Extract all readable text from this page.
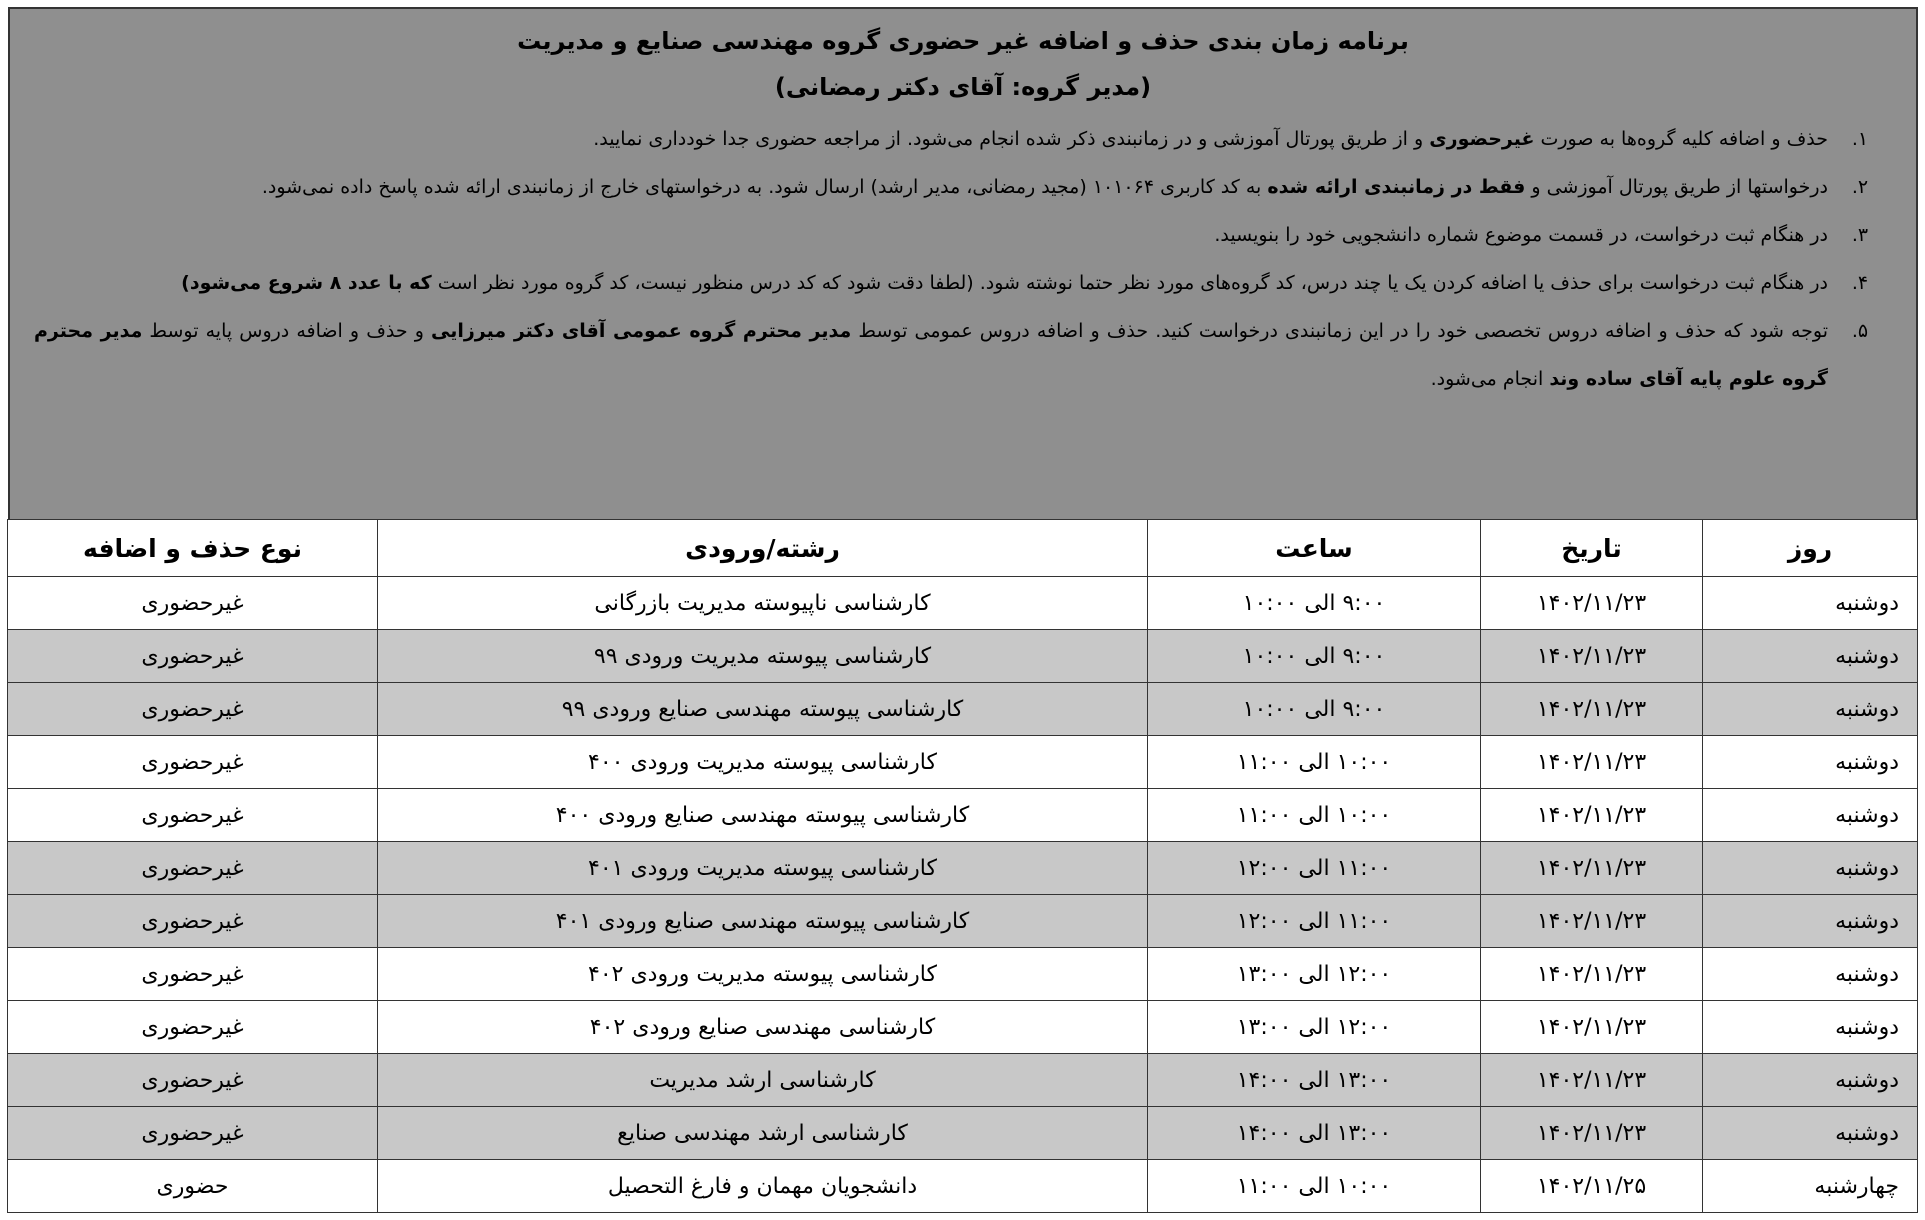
برنامه زمان بندی حذف و اضافه غیر حضوری گروه مهندسی صنایع و مدیریت

(مدیر گروه: آقای دکتر رمضانی)

۱.
حذف و اضافه کلیه گروه‌ها به صورت غیرحضوری و از طریق پورتال آموزشی و در زمانبندی ذکر شده انجام می‌شود. از مراجعه حضوری جدا خودداری نمایید.
۲.
درخواستها از طریق پورتال آموزشی و فقط در زمانبندی ارائه شده به کد کاربری ۱۰۱۰۶۴ (مجید رمضانی، مدیر ارشد) ارسال شود. به درخواستهای خارج از زمانبندی ارائه شده پاسخ داده نمی‌شود.
۳.
در هنگام ثبت درخواست، در قسمت موضوع شماره دانشجویی خود را بنویسید.
۴.
در هنگام ثبت درخواست برای حذف یا اضافه کردن یک یا چند درس، کد گروه‌های مورد نظر حتما نوشته شود. (لطفا دقت شود که کد درس منظور نیست، کد گروه مورد نظر است که با عدد ۸ شروع می‌شود)
۵.
توجه شود که حذف و اضافه دروس تخصصی خود را در این زمانبندی درخواست کنید. حذف و اضافه دروس عمومی توسط مدیر محترم گروه عمومی آقای دکتر میرزایی و حذف و اضافه دروس پایه توسط مدیر محترم گروه علوم پایه آقای ساده وند انجام می‌شود.
روز	تاریخ	ساعت	رشته/ورودی	نوع حذف و اضافه
دوشنبه	۱۴۰۲/۱۱/۲۳	۹:۰۰ الی ۱۰:۰۰	کارشناسی ناپیوسته مدیریت بازرگانی	غیرحضوری
دوشنبه	۱۴۰۲/۱۱/۲۳	۹:۰۰ الی ۱۰:۰۰	کارشناسی پیوسته مدیریت ورودی ۹۹	غیرحضوری
دوشنبه	۱۴۰۲/۱۱/۲۳	۹:۰۰ الی ۱۰:۰۰	کارشناسی پیوسته مهندسی صنایع ورودی ۹۹	غیرحضوری
دوشنبه	۱۴۰۲/۱۱/۲۳	۱۰:۰۰ الی ۱۱:۰۰	کارشناسی پیوسته مدیریت ورودی ۴۰۰	غیرحضوری
دوشنبه	۱۴۰۲/۱۱/۲۳	۱۰:۰۰ الی ۱۱:۰۰	کارشناسی پیوسته مهندسی صنایع ورودی ۴۰۰	غیرحضوری
دوشنبه	۱۴۰۲/۱۱/۲۳	۱۱:۰۰ الی ۱۲:۰۰	کارشناسی پیوسته مدیریت ورودی ۴۰۱	غیرحضوری
دوشنبه	۱۴۰۲/۱۱/۲۳	۱۱:۰۰ الی ۱۲:۰۰	کارشناسی پیوسته مهندسی صنایع ورودی ۴۰۱	غیرحضوری
دوشنبه	۱۴۰۲/۱۱/۲۳	۱۲:۰۰ الی ۱۳:۰۰	کارشناسی پیوسته مدیریت ورودی ۴۰۲	غیرحضوری
دوشنبه	۱۴۰۲/۱۱/۲۳	۱۲:۰۰ الی ۱۳:۰۰	کارشناسی مهندسی صنایع ورودی ۴۰۲	غیرحضوری
دوشنبه	۱۴۰۲/۱۱/۲۳	۱۳:۰۰ الی ۱۴:۰۰	کارشناسی ارشد مدیریت	غیرحضوری
دوشنبه	۱۴۰۲/۱۱/۲۳	۱۳:۰۰ الی ۱۴:۰۰	کارشناسی ارشد مهندسی صنایع	غیرحضوری
چهارشنبه	۱۴۰۲/۱۱/۲۵	۱۰:۰۰ الی ۱۱:۰۰	دانشجویان مهمان و فارغ التحصیل	حضوری
